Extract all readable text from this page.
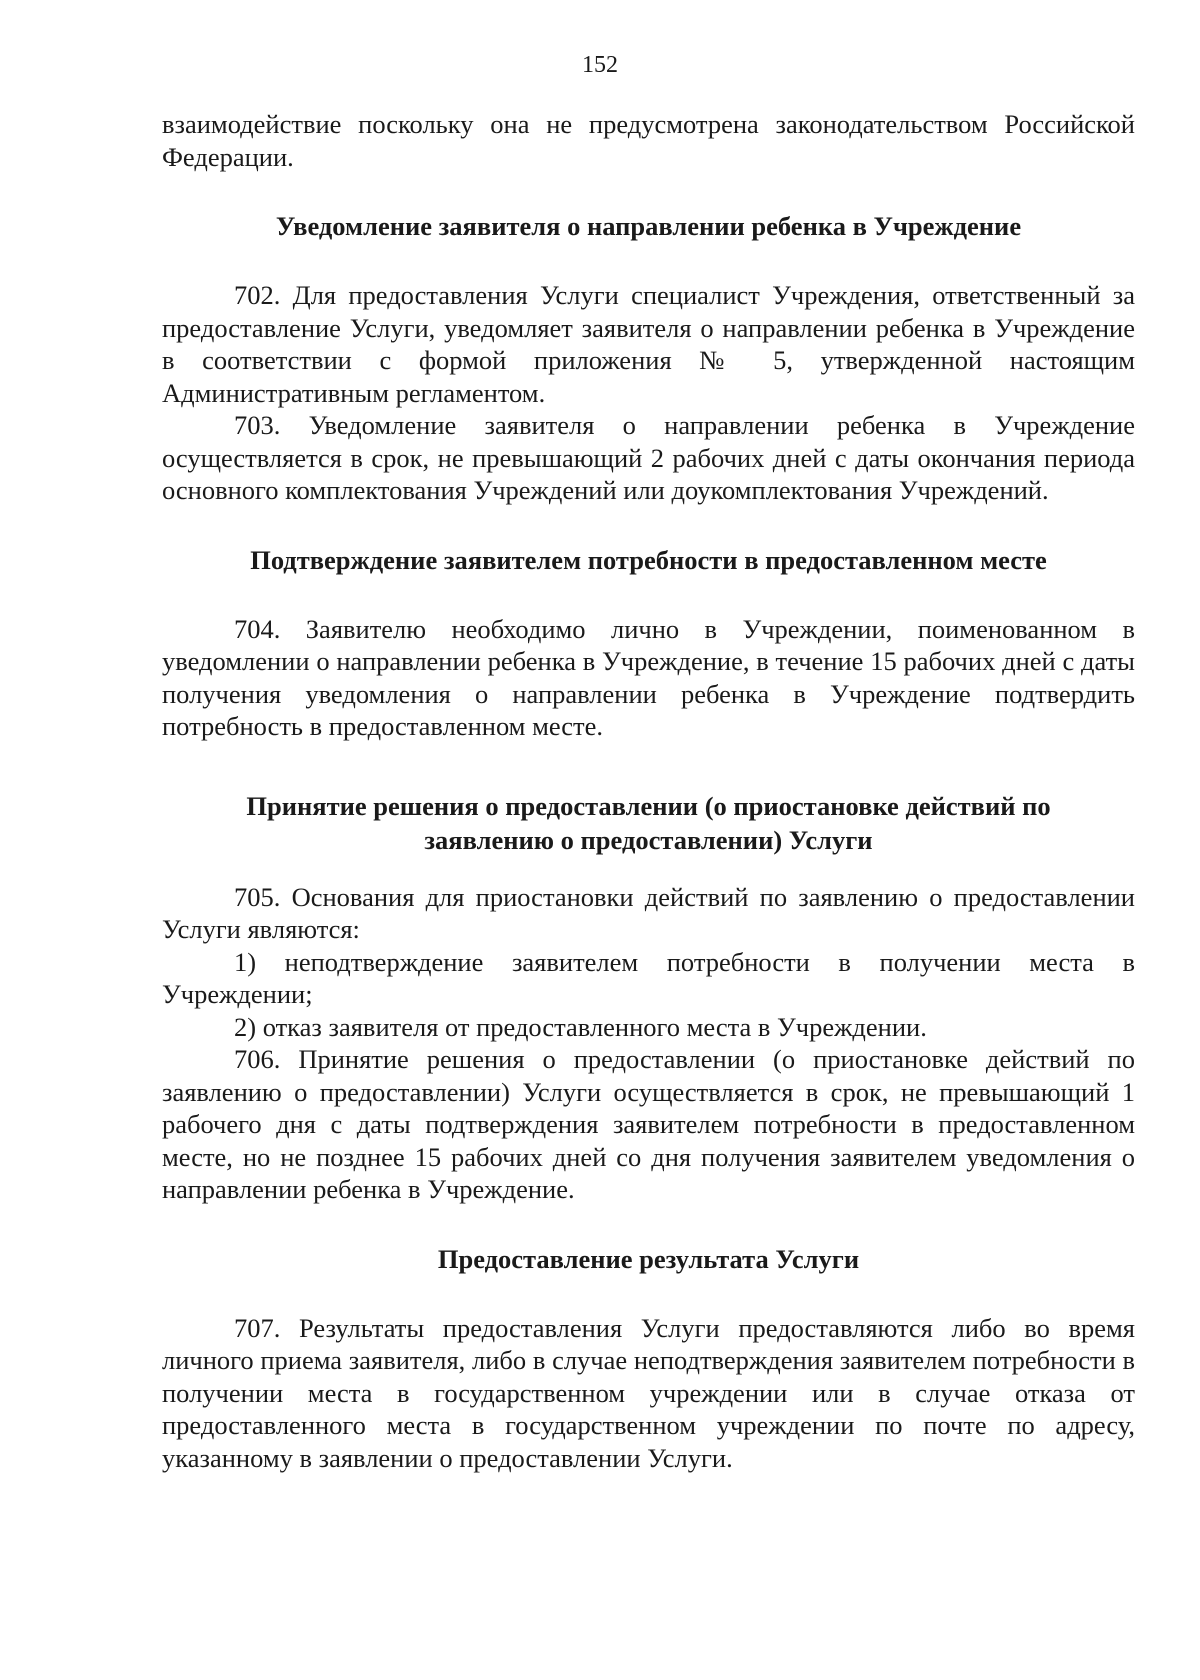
152

взаимодействие поскольку она не предусмотрена законодательством Российской Федерации.

Уведомление заявителя о направлении ребенка в Учреждение

702. Для предоставления Услуги специалист Учреждения, ответственный за предоставление Услуги, уведомляет заявителя о направлении ребенка в Учреждение в соответствии с формой приложения № 5, утвержденной настоящим Административным регламентом.

703. Уведомление заявителя о направлении ребенка в Учреждение осуществляется в срок, не превышающий 2 рабочих дней с даты окончания периода основного комплектования Учреждений или доукомплектования Учреждений.

Подтверждение заявителем потребности в предоставленном месте

704. Заявителю необходимо лично в Учреждении, поименованном в уведомлении о направлении ребенка в Учреждение, в течение 15 рабочих дней с даты получения уведомления о направлении ребенка в Учреждение подтвердить потребность в предоставленном месте.

Принятие решения о предоставлении (о приостановке действий по
заявлению о предоставлении) Услуги

705. Основания для приостановки действий по заявлению о предоставлении Услуги являются:

1) неподтверждение заявителем потребности в получении места в Учреждении;

2) отказ заявителя от предоставленного места в Учреждении.

706. Принятие решения о предоставлении (о приостановке действий по заявлению о предоставлении) Услуги осуществляется в срок, не превышающий 1 рабочего дня с даты подтверждения заявителем потребности в предоставленном месте, но не позднее 15 рабочих дней со дня получения заявителем уведомления о направлении ребенка в Учреждение.

Предоставление результата Услуги

707. Результаты предоставления Услуги предоставляются либо во время личного приема заявителя, либо в случае неподтверждения заявителем потребности в получении места в государственном учреждении или в случае отказа от предоставленного места в государственном учреждении по почте по адресу, указанному в заявлении о предоставлении Услуги.
